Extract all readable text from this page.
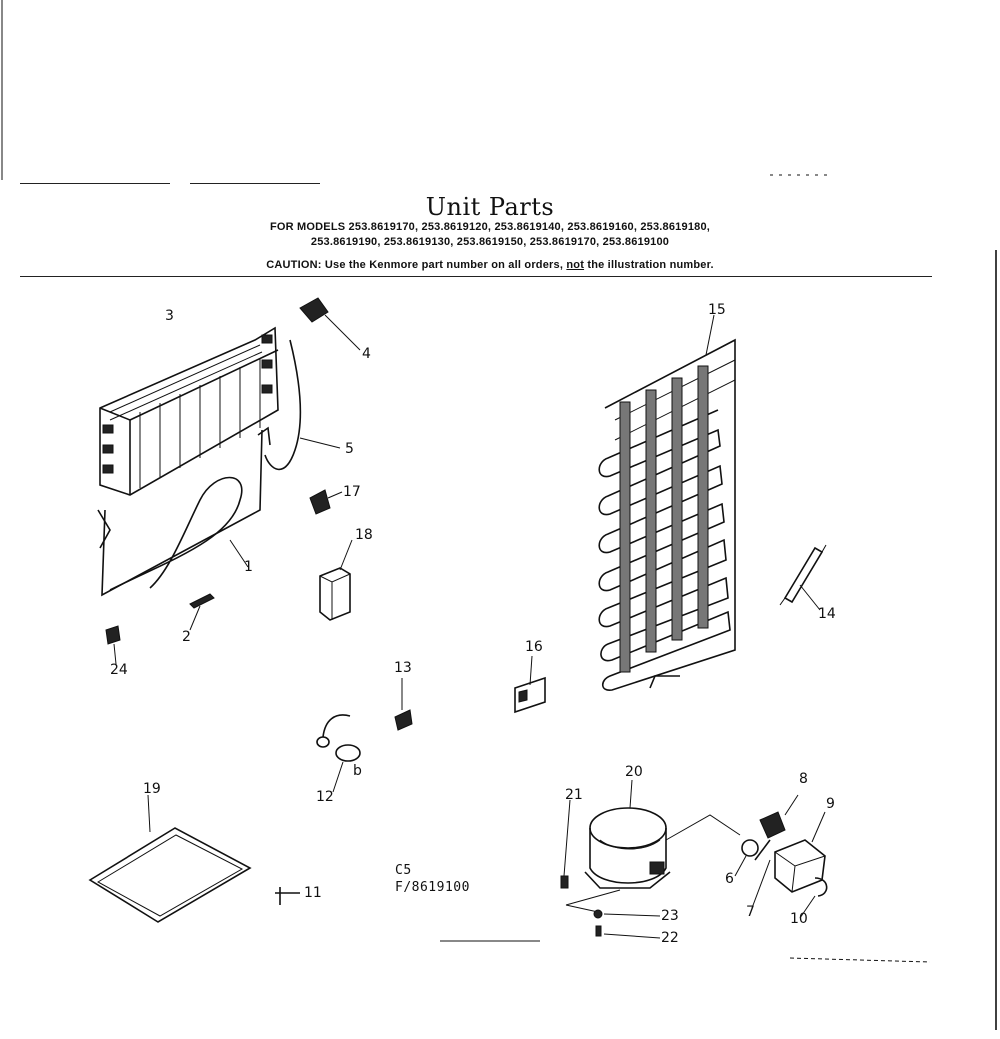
Unit Parts
FOR MODELS 253.8619170, 253.8619120, 253.8619140, 253.8619160, 253.8619180,
253.8619190, 253.8619130, 253.8619150, 253.8619170, 253.8619100
CAUTION: Use the Kenmore part number on all orders, not the illustration number.
3
4
5
17
18
1
2
24
15
14
16
13
b
12
19
11
20
21
23
22
8
9
6
7	10
C5
F/8619100
